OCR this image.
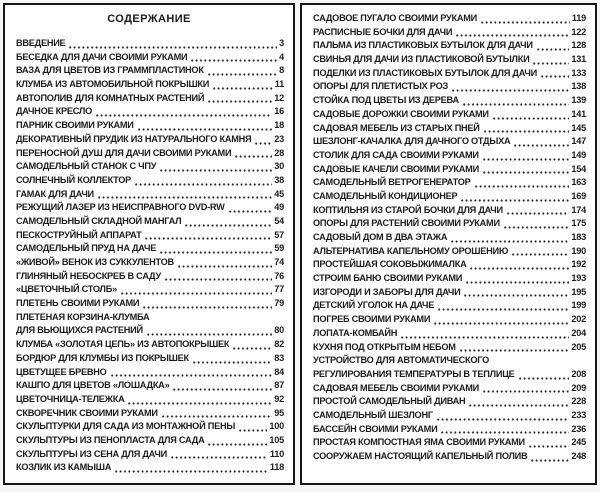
СОДЕРЖАНИЕ
ВВЕДЕНИЕ	3
БЕСЕДКА ДЛЯ ДАЧИ СВОИМИ РУКАМИ	4
ВАЗА ДЛЯ ЦВЕТОВ ИЗ ГРАММПЛАСТИНОК	8
КЛУМБА ИЗ АВТОМОБИЛЬНОЙ ПОКРЫШКИ	11
АВТОПОЛИВ ДЛЯ КОМНАТНЫХ РАСТЕНИЙ	12
ДАЧНОЕ КРЕСЛО	16
ПАРНИК СВОИМИ РУКАМИ	18
ДЕКОРАТИВНЫЙ ПРУДИК ИЗ НАТУРАЛЬНОГО КАМНЯ 23
ПЕРЕНОСНОЙ ДУШ ДЛЯ ДАЧИ СВОИМИ РУКАМИ	28
САМОДЕЛЬНЫЙ СТАНОК С ЧПУ	30
СОЛНЕЧНЫЙ КОЛЛЕКТОР	38
ГАМАК ДЛЯ ДАЧИ	45
РЕЖУЩИЙ ЛАЗЕР ИЗ НЕИСПРАВНОГО DVD-RW	49
САМОДЕЛЬНЫЙ СКЛАДНОЙ МАНГАЛ	54
ПЕСКОСТРУЙНЫЙ АППАРАТ	57
САМОДЕЛЬНЫЙ ПРУД НА ДАЧЕ	59
«ЖИВОЙ» ВЕНОК ИЗ СУККУЛЕНТОВ	74
ГЛИНЯНЫЙ НЕБОСКРЕБ В САДУ	76
«ЦВЕТОЧНЫЙ СТОЛБ»	77
ПЛЕТЕНЬ СВОИМИ РУКАМИ	79
ПЛЕТЕНАЯ КОРЗИНА-КЛУМБА
ДЛЯ ВЬЮЩИХСЯ РАСТЕНИЙ	80
КЛУМБА «ЗОЛОТАЯ ЦЕПЬ» ИЗ АВТОПОКРЫШЕК	82
БОРДЮР ДЛЯ КЛУМБЫ ИЗ ПОКРЫШЕК	83
ЦВЕТУЩЕЕ БРЕВНО	84
КАШПО ДЛЯ ЦВЕТОВ «ЛОШАДКА»	87
ЦВЕТОЧНИЦА-ТЕЛЕЖКА	92
СКВОРЕЧНИК СВОИМИ РУКАМИ	95
СКУЛЬПТУРКИ ДЛЯ САДА ИЗ МОНТАЖНОЙ ПЕНЫ	100
СКУЛЬПТУРЫ ИЗ ПЕНОПЛАСТА ДЛЯ САДА	105
СКУЛЬПТУРЫ ИЗ СЕНА ДЛЯ ДАЧИ	110
КОЗЛИК ИЗ КАМЫША	118
САДОВОЕ ПУГАЛО СВОИМИ РУКАМИ	119
РАСПИСНЫЕ БОЧКИ ДЛЯ ДАЧИ	122
ПАЛЬМА ИЗ ПЛАСТИКОВЫХ БУТЫЛОК ДЛЯ ДАЧИ	128
СВИНЬЯ ДЛЯ ДАЧИ ИЗ ПЛАСТИКОВОЙ БУТЫЛКИ	131
ПОДЕЛКИ ИЗ ПЛАСТИКОВЫХ БУТЫЛОК ДЛЯ ДАЧИ	133
ОПОРЫ ДЛЯ ПЛЕТИСТЫХ РОЗ	138
СТОЙКА ПОД ЦВЕТЫ ИЗ ДЕРЕВА	139
САДОВЫЕ ДОРОЖКИ СВОИМИ РУКАМИ	141
САДОВАЯ МЕБЕЛЬ ИЗ СТАРЫХ ПНЕЙ	145
ШЕЗЛОНГ-КАЧАЛКА ДЛЯ ДАЧНОГО ОТДЫХА	147
СТОЛИК ДЛЯ САДА СВОИМИ РУКАМИ	149
САДОВЫЕ КАЧЕЛИ СВОИМИ РУКАМИ	154
САМОДЕЛЬНЫЙ ВЕТРОГЕНЕРАТОР	163
САМОДЕЛЬНЫЙ КОНДИЦИОНЕР	169
КОПТИЛЬНЯ ИЗ СТАРОЙ БОЧКИ ДЛЯ ДАЧИ	174
ОПОРЫ ДЛЯ РАСТЕНИЙ СВОИМИ РУКАМИ	175
САДОВЫЙ ДОМ В ДВА ЭТАЖА	183
АЛЬТЕРНАТИВА КАПЕЛЬНОМУ ОРОШЕНИЮ	190
ПРОСТЕЙШАЯ СОКОВЫЖИМАЛКА	192
СТРОИМ БАНЮ СВОИМИ РУКАМИ	193
ИЗГОРОДИ И ЗАБОРЫ ДЛЯ ДАЧИ	195
ДЕТСКИЙ УГОЛОК НА ДАЧЕ	199
ПОГРЕБ СВОИМИ РУКАМИ	202
ЛОПАТА-КОМБАЙН	204
КУХНЯ ПОД ОТКРЫТЫМ НЕБОМ	205
УСТРОЙСТВО ДЛЯ АВТОМАТИЧЕСКОГО
РЕГУЛИРОВАНИЯ ТЕМПЕРАТУРЫ В ТЕПЛИЦЕ	208
САДОВАЯ МЕБЕЛЬ СВОИМИ РУКАМИ	209
ПРОСТОЙ САМОДЕЛЬНЫЙ ДИВАН	228
САМОДЕЛЬНЫЙ ШЕЗЛОНГ	233
БАССЕЙН СВОИМИ РУКАМИ	236
ПРОСТАЯ КОМПОСТНАЯ ЯМА СВОИМИ РУКАМИ	245
СООРУЖАЕМ НАСТОЯЩИЙ КАПЕЛЬНЫЙ ПОЛИВ	248
